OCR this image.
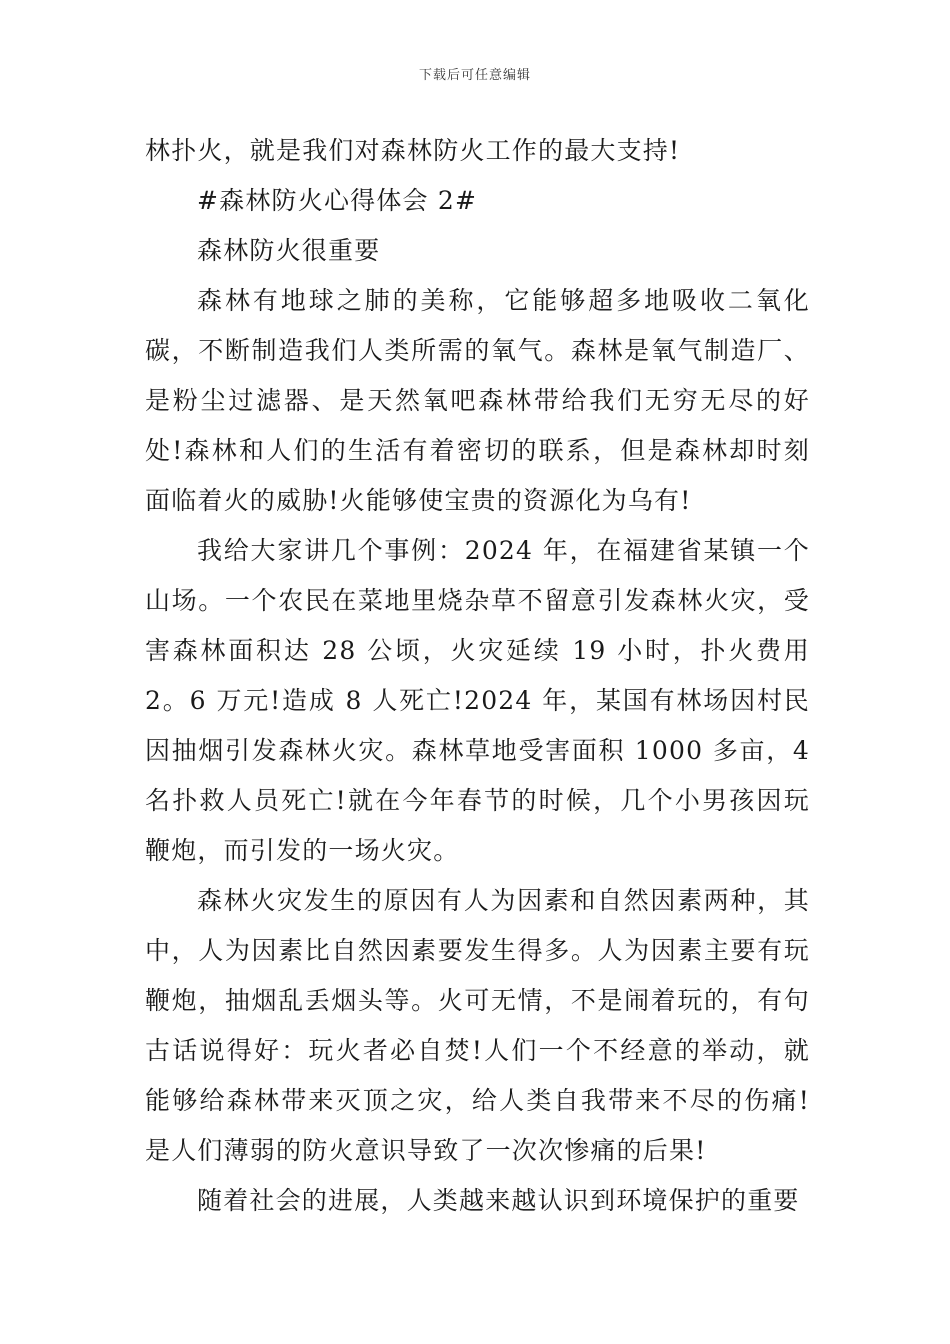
下载后可任意编辑

林扑火，就是我们对森林防火工作的最大支持!

#森林防火心得体会 2#

森林防火很重要

森林有地球之肺的美称，它能够超多地吸收二氧化碳，不断制造我们人类所需的氧气。森林是氧气制造厂、是粉尘过滤器、是天然氧吧森林带给我们无穷无尽的好处!森林和人们的生活有着密切的联系，但是森林却时刻面临着火的威胁!火能够使宝贵的资源化为乌有!

我给大家讲几个事例：2024 年，在福建省某镇一个山场。一个农民在菜地里烧杂草不留意引发森林火灾，受害森林面积达 28 公顷，火灾延续 19 小时，扑火费用 2。6 万元!造成 8 人死亡!2024 年，某国有林场因村民因抽烟引发森林火灾。森林草地受害面积 1000 多亩，4 名扑救人员死亡!就在今年春节的时候，几个小男孩因玩鞭炮，而引发的一场火灾。

森林火灾发生的原因有人为因素和自然因素两种，其中，人为因素比自然因素要发生得多。人为因素主要有玩鞭炮，抽烟乱丢烟头等。火可无情，不是闹着玩的，有句古话说得好：玩火者必自焚!人们一个不经意的举动，就能够给森林带来灭顶之灾，给人类自我带来不尽的伤痛!是人们薄弱的防火意识导致了一次次惨痛的后果!

随着社会的进展，人类越来越认识到环境保护的重要
